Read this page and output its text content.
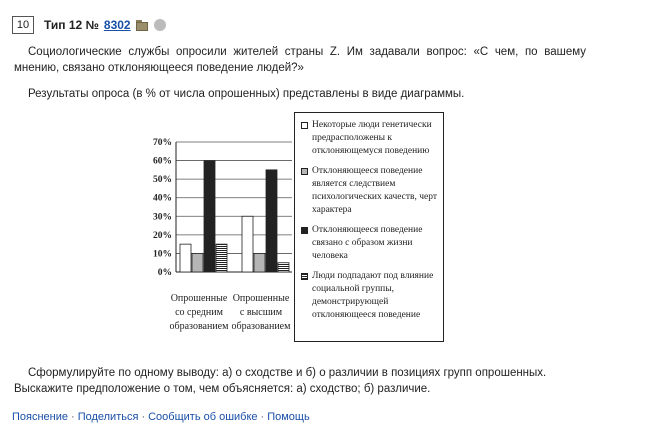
10	Тип 12 № 8302
Социологические службы опросили жителей страны Z. Им задавали вопрос: «С чем, по вашему мнению, связано отклоняющееся поведение людей?»
Результаты опроса (в % от числа опрошенных) представлены в виде диаграммы.
0%
10%
20%
30%
40%
50%
60%
70%
Опрошенные
со средним
образованием
Опрошенные
с высшим
образованием
Некоторые люди генетически предрасположены к отклоняющемуся поведению
Отклоняющееся поведение является следствием психологических качеств, черт характера
Отклоняющееся поведение связано с образом жизни человека
Люди подпадают под влияние социальной группы, демонстрирующей отклоняющееся поведение
Сформулируйте по одному выводу: а) о сходстве и б) о различии в позициях групп опрошенных. Выскажите предположение о том, чем объясняется: а) сходство; б) различие.
Пояснение · Поделиться · Сообщить об ошибке · Помощь
